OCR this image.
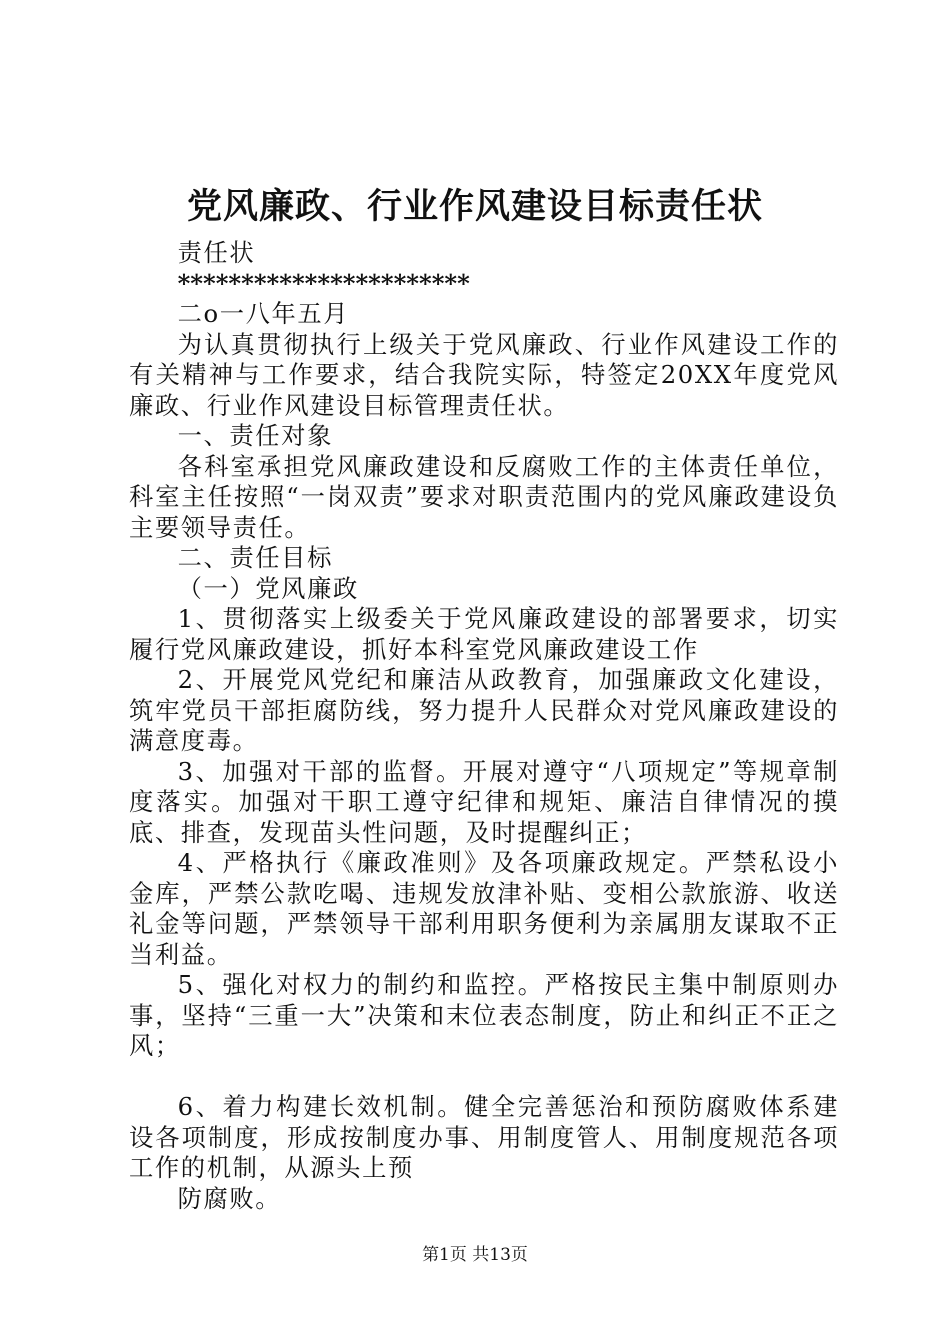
党风廉政、行业作风建设目标责任状

责任状

***********************

二o一八年五月

为认真贯彻执行上级关于党风廉政、行业作风建设工作的有关精神与工作要求，结合我院实际，特签定20XX年度党风廉政、行业作风建设目标管理责任状。

一、责任对象

各科室承担党风廉政建设和反腐败工作的主体责任单位，科室主任按照“一岗双责”要求对职责范围内的党风廉政建设负主要领导责任。

二、责任目标

（一）党风廉政

1、贯彻落实上级委关于党风廉政建设的部署要求，切实履行党风廉政建设，抓好本科室党风廉政建设工作

2、开展党风党纪和廉洁从政教育，加强廉政文化建设，筑牢党员干部拒腐防线，努力提升人民群众对党风廉政建设的满意度毒。

3、加强对干部的监督。开展对遵守“八项规定”等规章制度落实。加强对干职工遵守纪律和规矩、廉洁自律情况的摸底、排查，发现苗头性问题，及时提醒纠正；

4、严格执行《廉政准则》及各项廉政规定。严禁私设小金库，严禁公款吃喝、违规发放津补贴、变相公款旅游、收送礼金等问题，严禁领导干部利用职务便利为亲属朋友谋取不正当利益。

5、强化对权力的制约和监控。严格按民主集中制原则办事，坚持“三重一大”决策和末位表态制度，防止和纠正不正之风；

6、着力构建长效机制。健全完善惩治和预防腐败体系建设各项制度，形成按制度办事、用制度管人、用制度规范各项工作的机制，从源头上预

防腐败。

第1页 共13页
